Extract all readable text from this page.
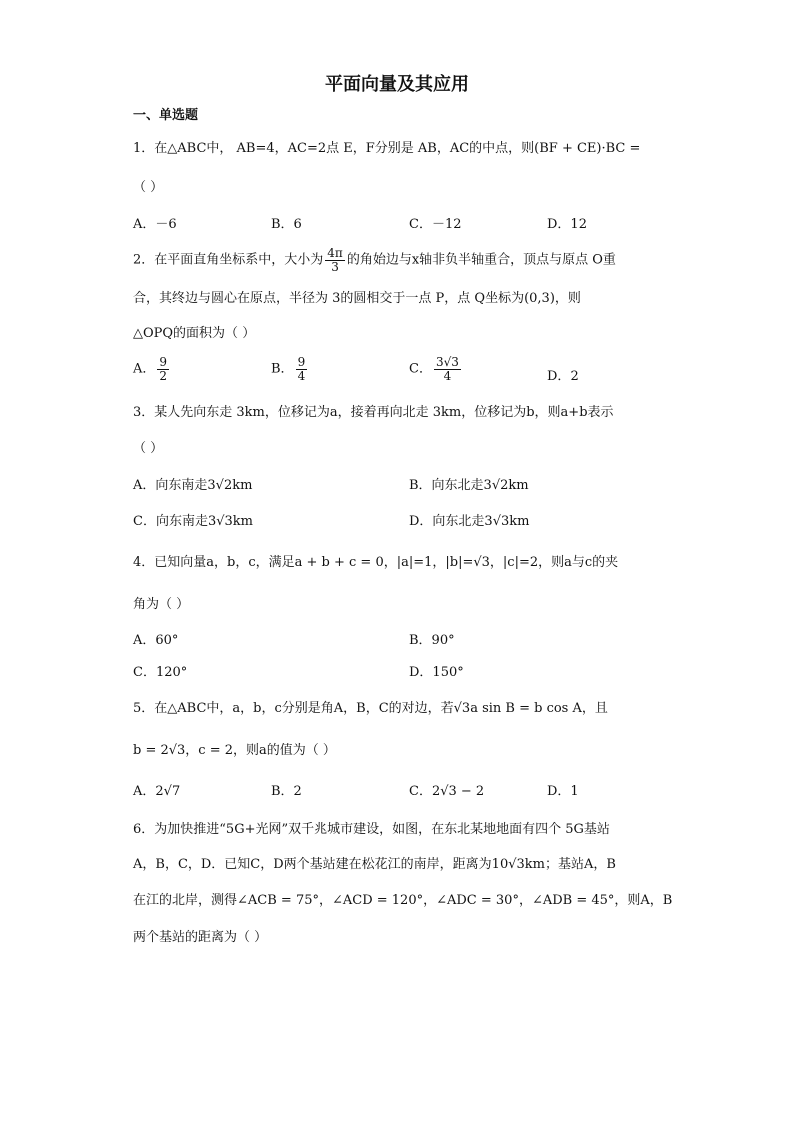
平面向量及其应用
一、单选题
1．在△ABC中， AB=4，AC=2点 E，F分别是 AB，AC的中点，则(BF + CE)·BC =
（ ）
A．－6	B．6	C．－12	D．12
2．在平面直角坐标系中，大小为 $\frac{4\pi}{3}$ 的角始边与x轴非负半轴重合，顶点与原点 O重
合，其终边与圆心在原点，半径为 3的圆相交于一点 P，点 Q坐标为(0,3)，则
△OPQ的面积为（ ）
A． $\frac{9}{2}$	B． $\frac{9}{4}$	C． $\frac{3√3}{4}$	D．2
3．某人先向东走 3km，位移记为a，接着再向北走 3km，位移记为b，则a+b表示
（ ）
A．向东南走3√2km	B．向东北走3√2km
C．向东南走3√3km	D．向东北走3√3km
4．已知向量a，b，c，满足a + b + c = 0，|a|=1，|b|=√3，|c|=2，则a与c的夹
角为（ ）
A．60°	B．90°
C．120°	D．150°
5．在△ABC中，a，b，c分别是角A，B，C的对边，若√3a sin B = b cos A，且
b = 2√3，c = 2，则a的值为（ ）
A．2√7	B．2	C．2√3 − 2	D．1
6．为加快推进“5G+光网”双千兆城市建设，如图，在东北某地地面有四个 5G基站
A，B，C，D．已知C，D两个基站建在松花江的南岸，距离为10√3km；基站A，B
在江的北岸，测得∠ACB = 75°，∠ACD = 120°，∠ADC = 30°，∠ADB = 45°，则A，B
两个基站的距离为（ ）
